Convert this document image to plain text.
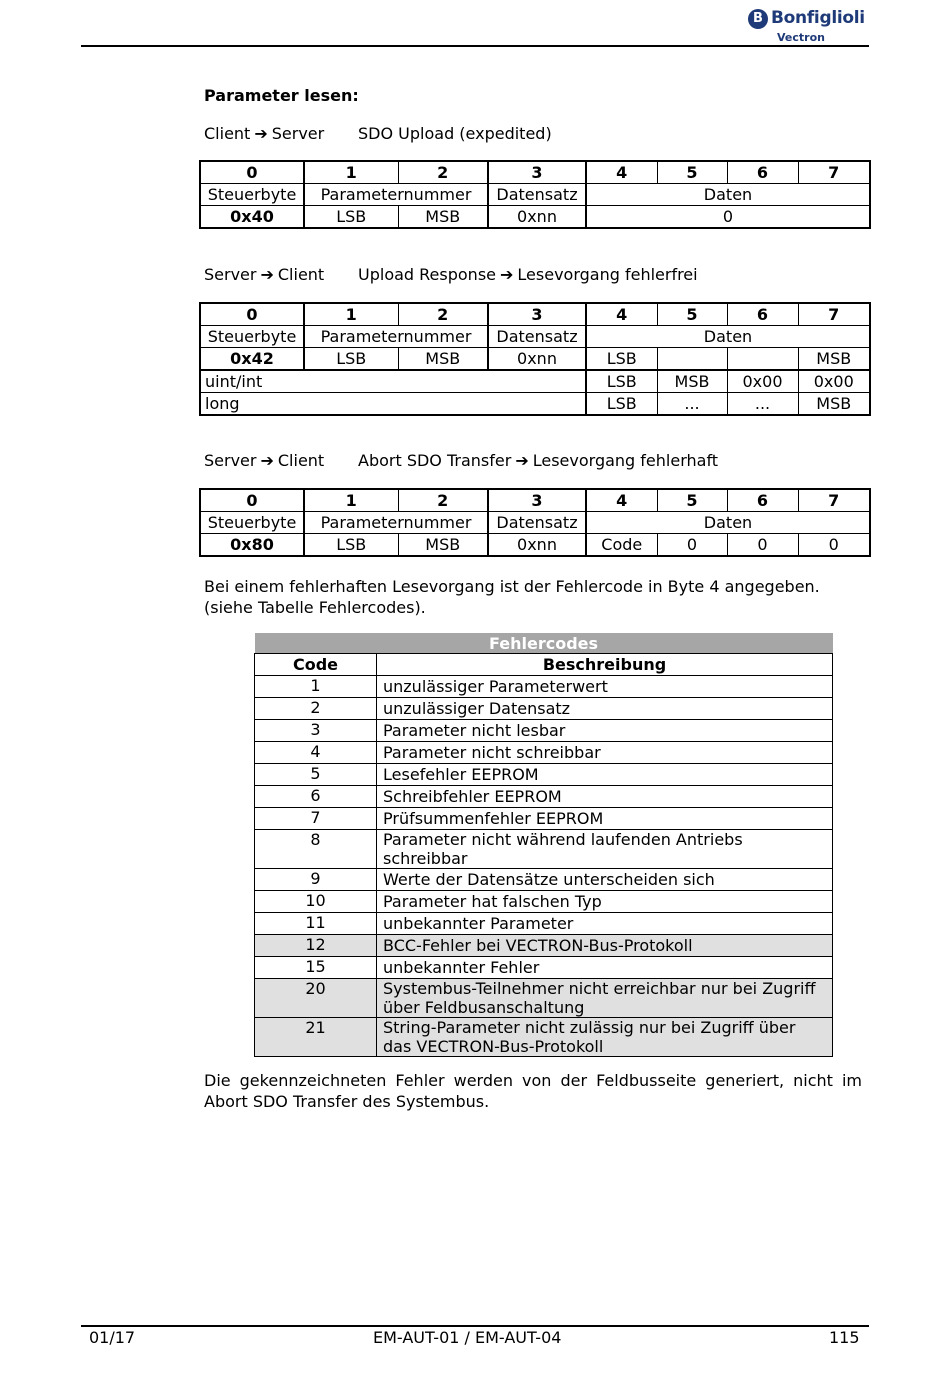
B Bonfiglioli
Vectron
Parameter lesen:
Client ➔ Server SDO Upload (expedited)
0	1	2	3	4	5	6	7
Steuerbyte	Parameternummer		Datensatz	Daten			
0x40	LSB	MSB	0xnn	0			
Server ➔ Client Upload Response ➔ Lesevorgang fehlerfrei
0	1	2	3	4	5	6	7
Steuerbyte	Parameternummer		Datensatz	Daten			
0x42	LSB	MSB	0xnn	LSB			MSB
uint/int				LSB	MSB	0x00	0x00
long				LSB	...	...	MSB
Server ➔ Client Abort SDO Transfer ➔ Lesevorgang fehlerhaft
0	1	2	3	4	5	6	7
Steuerbyte	Parameternummer		Datensatz	Daten			
0x80	LSB	MSB	0xnn	Code	0	0	0
Bei einem fehlerhaften Lesevorgang ist der Fehlercode in Byte 4 angegeben.
(siehe Tabelle Fehlercodes).
Fehlercodes	
Code	Beschreibung
1	unzulässiger Parameterwert
2	unzulässiger Datensatz
3	Parameter nicht lesbar
4	Parameter nicht schreibbar
5	Lesefehler EEPROM
6	Schreibfehler EEPROM
7	Prüfsummenfehler EEPROM
8	Parameter nicht während laufenden Antriebs schreibbar
9	Werte der Datensätze unterscheiden sich
10	Parameter hat falschen Typ
11	unbekannter Parameter
12	BCC-Fehler bei VECTRON-Bus-Protokoll
15	unbekannter Fehler
20	Systembus-Teilnehmer nicht erreichbar nur bei Zugriff über Feldbusanschaltung
21	String-Parameter nicht zulässig nur bei Zugriff über das VECTRON-Bus-Protokoll
Die gekennzeichneten Fehler werden von der Feldbusseite generiert, nicht im Abort SDO Transfer des Systembus.
01/17	EM-AUT-01 / EM-AUT-04	115
